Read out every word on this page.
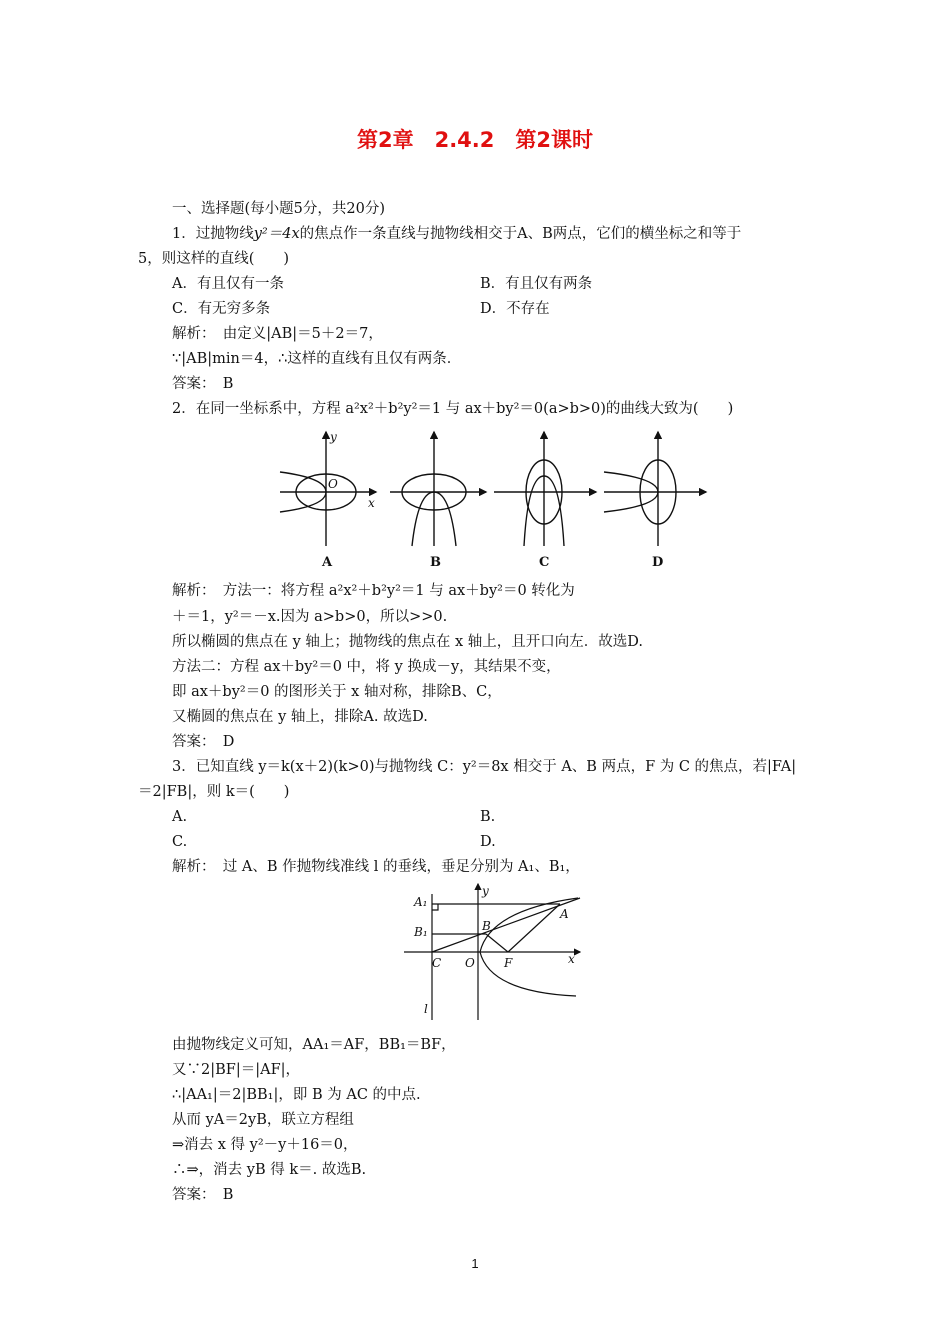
第2章　2.4.2　第2课时
一、选择题(每小题5分，共20分)
1．过抛物线y²＝4x的焦点作一条直线与抛物线相交于A、B两点，它们的横坐标之和等于
5，则这样的直线(　　)
A．有且仅有一条	B．有且仅有两条
C．有无穷多条	D．不存在
解析：　由定义|AB|＝5＋2＝7，
∵|AB|min＝4，∴这样的直线有且仅有两条．
答案：　B
2．在同一坐标系中，方程 a²x²＋b²y²＝1 与 ax＋by²＝0(a>b>0)的曲线大致为(　　)
y
O
x
A	B	C	D
解析：　方法一：将方程 a²x²＋b²y²＝1 与 ax＋by²＝0 转化为
＋＝1，y²＝－x.因为 a>b>0，所以>>0.
所以椭圆的焦点在 y 轴上；抛物线的焦点在 x 轴上，且开口向左．故选D.
方法二：方程 ax＋by²＝0 中，将 y 换成－y，其结果不变，
即 ax＋by²＝0 的图形关于 x 轴对称，排除B、C，
又椭圆的焦点在 y 轴上，排除A. 故选D.
答案：　D
3．已知直线 y＝k(x＋2)(k>0)与抛物线 C：y²＝8x 相交于 A、B 两点，F 为 C 的焦点，若|FA|
＝2|FB|，则 k＝(　　)
A.	B.
C.	D.
解析：　过 A、B 作抛物线准线 l 的垂线，垂足分别为 A₁、B₁，
A₁
B₁
A
B
C O F	x
y
l
由抛物线定义可知，AA₁＝AF，BB₁＝BF，
又∵2|BF|＝|AF|，
∴|AA₁|＝2|BB₁|，即 B 为 AC 的中点.
从而 yA＝2yB，联立方程组
⇒消去 x 得 y²－y＋16＝0，
∴⇒，消去 yB 得 k＝. 故选B.
答案：　B
1
